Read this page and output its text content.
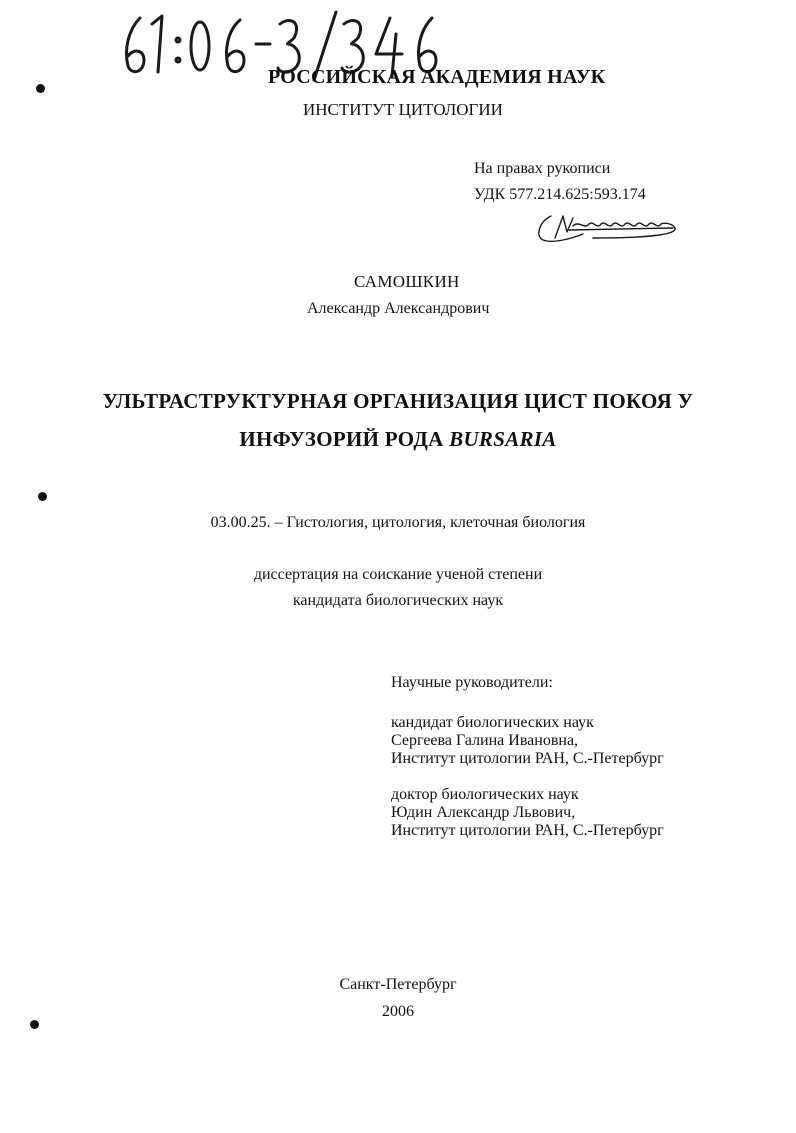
РОССИЙСКАЯ АКАДЕМИЯ НАУК
ИНСТИТУТ ЦИТОЛОГИИ
На правах рукописи
УДК 577.214.625:593.174
САМОШКИН
Александр Александрович
УЛЬТРАСТРУКТУРНАЯ ОРГАНИЗАЦИЯ ЦИСТ ПОКОЯ У
ИНФУЗОРИЙ РОДА BURSARIA
03.00.25. – Гистология, цитология, клеточная биология
диссертация на соискание ученой степени
кандидата биологических наук
Научные руководители:
кандидат биологических наук
Сергеева Галина Ивановна,
Институт цитологии РАН, С.-Петербург
доктор биологических наук
Юдин Александр Львович,
Институт цитологии РАН, С.-Петербург
Санкт-Петербург
2006
